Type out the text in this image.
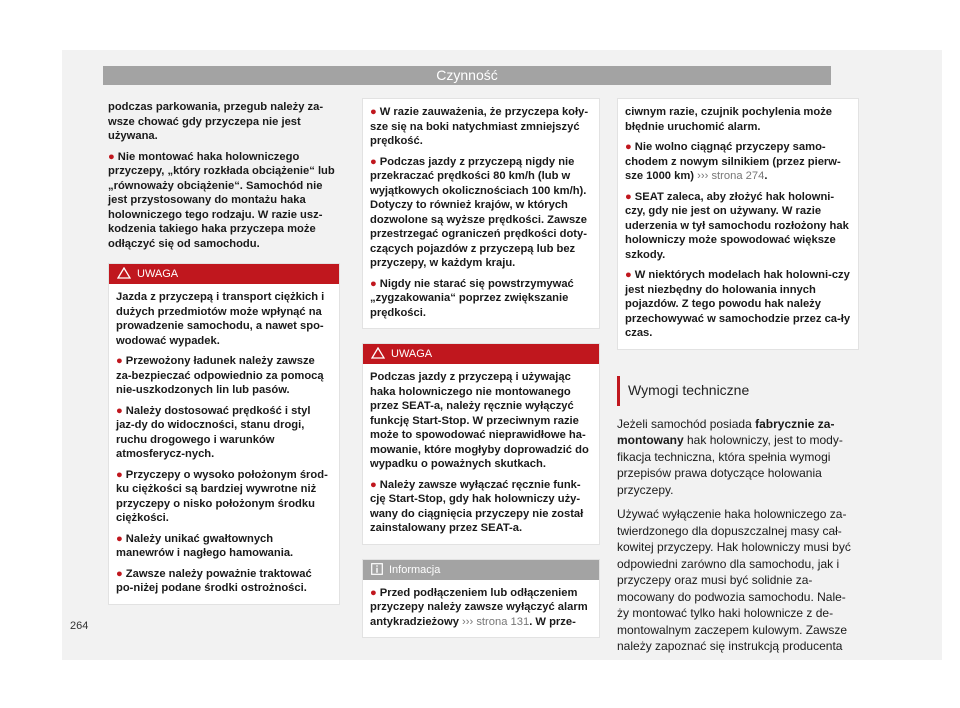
Czynność

podczas parkowania, przegub należy za-wsze chować gdy przyczepa nie jest używana.

● Nie montować haka holowniczego przyczepy, „który rozkłada obciążenie“ lub „równoważy obciążenie“. Samochód nie jest przystosowany do montażu haka holowniczego tego rodzaju. W razie usz-kodzenia takiego haka przyczepa może odłączyć się od samochodu.

UWAGA

Jazda z przyczepą i transport ciężkich i dużych przedmiotów może wpłynąć na prowadzenie samochodu, a nawet spo-wodować wypadek.

● Przewożony ładunek należy zawsze za-bezpieczać odpowiednio za pomocą nie-uszkodzonych lin lub pasów.

● Należy dostosować prędkość i styl jaz-dy do widoczności, stanu drogi, ruchu drogowego i warunków atmosferycz-nych.

● Przyczepy o wysoko położonym środ-ku ciężkości są bardziej wywrotne niż przyczepy o nisko położonym środku ciężkości.

● Należy unikać gwałtownych manewrów i nagłego hamowania.

● Zawsze należy poważnie traktować po-niżej podane środki ostrożności.

● W razie zauważenia, że przyczepa koły-sze się na boki natychmiast zmniejszyć prędkość.

● Podczas jazdy z przyczepą nigdy nie przekraczać prędkości 80 km/h (lub w wyjątkowych okolicznościach 100 km/h). Dotyczy to również krajów, w których dozwolone są wyższe prędkości. Zawsze przestrzegać ograniczeń prędkości doty-czących pojazdów z przyczepą lub bez przyczepy, w każdym kraju.

● Nigdy nie starać się powstrzymywać „zygzakowania“ poprzez zwiększanie prędkości.

UWAGA

Podczas jazdy z przyczepą i używając haka holowniczego nie montowanego przez SEAT-a, należy ręcznie wyłączyć funkcję Start-Stop. W przeciwnym razie może to spowodować nieprawidłowe ha-mowanie, które mogłyby doprowadzić do wypadku o poważnych skutkach.

● Należy zawsze wyłączać ręcznie funk-cję Start-Stop, gdy hak holowniczy uży-wany do ciągnięcia przyczepy nie został zainstalowany przez SEAT-a.

Informacja

● Przed podłączeniem lub odłączeniem przyczepy należy zawsze wyłączyć alarm antykradzieżowy ››› strona 131. W prze-

ciwnym razie, czujnik pochylenia może błędnie uruchomić alarm.

● Nie wolno ciągnąć przyczepy samo-chodem z nowym silnikiem (przez pierw-sze 1000 km) ››› strona 274.

● SEAT zaleca, aby złożyć hak holowni-czy, gdy nie jest on używany. W razie uderzenia w tył samochodu rozłożony hak holowniczy może spowodować większe szkody.

● W niektórych modelach hak holowni-czy jest niezbędny do holowania innych pojazdów. Z tego powodu hak należy przechowywać w samochodzie przez ca-ły czas.

Wymogi techniczne

Jeżeli samochód posiada fabrycznie za-montowany hak holowniczy, jest to mody-fikacja techniczna, która spełnia wymogi przepisów prawa dotyczące holowania przyczepy.

Używać wyłączenie haka holowniczego za-twierdzonego dla dopuszczalnej masy cał-kowitej przyczepy. Hak holowniczy musi być odpowiedni zarówno dla samochodu, jak i przyczepy oraz musi być solidnie za-mocowany do podwozia samochodu. Nale-ży montować tylko haki holownicze z de-montowalnym zaczepem kulowym. Zawsze należy zapoznać się instrukcją producenta

264
